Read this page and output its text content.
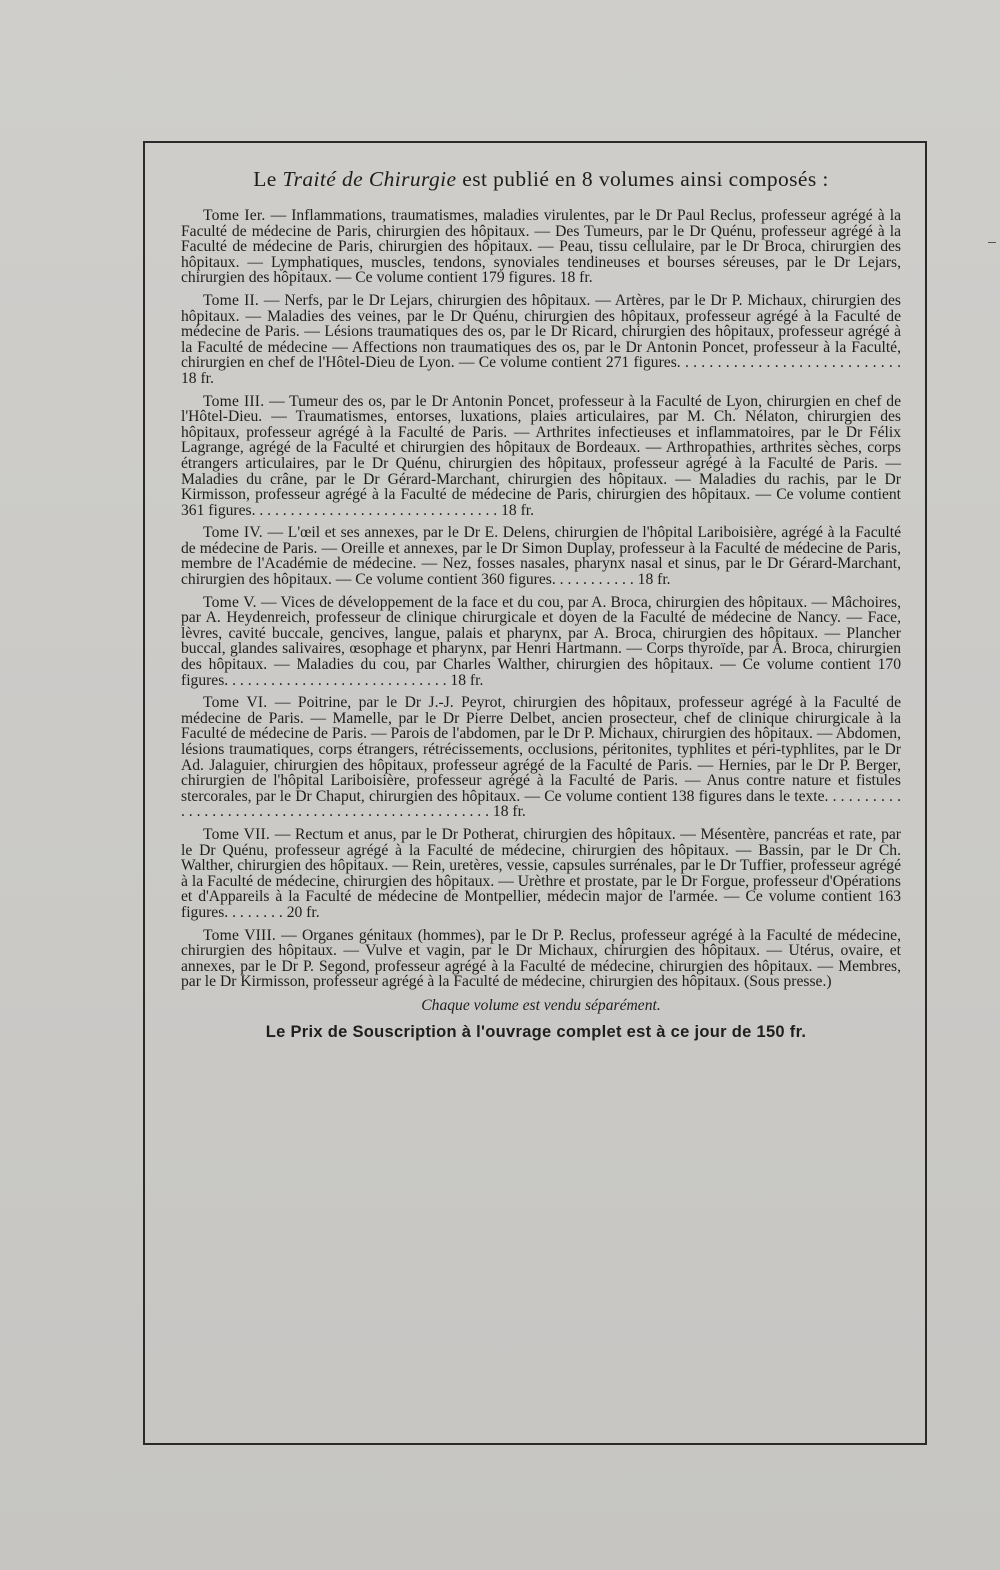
Le Traité de Chirurgie est publié en 8 volumes ainsi composés :

Tome Ier. — Inflammations, traumatismes, maladies virulentes, par le Dr Paul Reclus, professeur agrégé à la Faculté de médecine de Paris, chirurgien des hôpitaux. — Des Tumeurs, par le Dr Quénu, professeur agrégé à la Faculté de médecine de Paris, chirurgien des hôpitaux. — Peau, tissu cellulaire, par le Dr Broca, chirurgien des hôpitaux. — Lymphatiques, muscles, tendons, synoviales tendineuses et bourses séreuses, par le Dr Lejars, chirurgien des hôpitaux. — Ce volume contient 179 figures. 18 fr.

Tome II. — Nerfs, par le Dr Lejars, chirurgien des hôpitaux. — Artères, par le Dr P. Michaux, chirurgien des hôpitaux. — Maladies des veines, par le Dr Quénu, chirurgien des hôpitaux, professeur agrégé à la Faculté de médecine de Paris. — Lésions traumatiques des os, par le Dr Ricard, chirurgien des hôpitaux, professeur agrégé à la Faculté de médecine — Affections non traumatiques des os, par le Dr Antonin Poncet, professeur à la Faculté, chirurgien en chef de l'Hôtel-Dieu de Lyon. — Ce volume contient 271 figures. . . . . . . . . . . . . . . . . . . . . . . . . . . . 18 fr.

Tome III. — Tumeur des os, par le Dr Antonin Poncet, professeur à la Faculté de Lyon, chirurgien en chef de l'Hôtel-Dieu. — Traumatismes, entorses, luxations, plaies articulaires, par M. Ch. Nélaton, chirurgien des hôpitaux, professeur agrégé à la Faculté de Paris. — Arthrites infectieuses et inflammatoires, par le Dr Félix Lagrange, agrégé de la Faculté et chirurgien des hôpitaux de Bordeaux. — Arthropathies, arthrites sèches, corps étrangers articulaires, par le Dr Quénu, chirurgien des hôpitaux, professeur agrégé à la Faculté de Paris. — Maladies du crâne, par le Dr Gérard-Marchant, chirurgien des hôpitaux. — Maladies du rachis, par le Dr Kirmisson, professeur agrégé à la Faculté de médecine de Paris, chirurgien des hôpitaux. — Ce volume contient 361 figures. . . . . . . . . . . . . . . . . . . . . . . . . . . . . . . . 18 fr.

Tome IV. — L'œil et ses annexes, par le Dr E. Delens, chirurgien de l'hôpital Lariboisière, agrégé à la Faculté de médecine de Paris. — Oreille et annexes, par le Dr Simon Duplay, professeur à la Faculté de médecine de Paris, membre de l'Académie de médecine. — Nez, fosses nasales, pharynx nasal et sinus, par le Dr Gérard-Marchant, chirurgien des hôpitaux. — Ce volume contient 360 figures. . . . . . . . . . . 18 fr.

Tome V. — Vices de développement de la face et du cou, par A. Broca, chirurgien des hôpitaux. — Mâchoires, par A. Heydenreich, professeur de clinique chirurgicale et doyen de la Faculté de médecine de Nancy. — Face, lèvres, cavité buccale, gencives, langue, palais et pharynx, par A. Broca, chirurgien des hôpitaux. — Plancher buccal, glandes salivaires, œsophage et pharynx, par Henri Hartmann. — Corps thyroïde, par A. Broca, chirurgien des hôpitaux. — Maladies du cou, par Charles Walther, chirurgien des hôpitaux. — Ce volume contient 170 figures. . . . . . . . . . . . . . . . . . . . . . . . . . . . . 18 fr.

Tome VI. — Poitrine, par le Dr J.-J. Peyrot, chirurgien des hôpitaux, professeur agrégé à la Faculté de médecine de Paris. — Mamelle, par le Dr Pierre Delbet, ancien prosecteur, chef de clinique chirurgicale à la Faculté de médecine de Paris. — Parois de l'abdomen, par le Dr P. Michaux, chirurgien des hôpitaux. — Abdomen, lésions traumatiques, corps étrangers, rétrécissements, occlusions, péritonites, typhlites et péri-typhlites, par le Dr Ad. Jalaguier, chirurgien des hôpitaux, professeur agrégé de la Faculté de Paris. — Hernies, par le Dr P. Berger, chirurgien de l'hôpital Lariboisière, professeur agrégé à la Faculté de Paris. — Anus contre nature et fistules stercorales, par le Dr Chaput, chirurgien des hôpitaux. — Ce volume contient 138 figures dans le texte. . . . . . . . . . . . . . . . . . . . . . . . . . . . . . . . . . . . . . . . . . . . . . . . . . 18 fr.

Tome VII. — Rectum et anus, par le Dr Potherat, chirurgien des hôpitaux. — Mésentère, pancréas et rate, par le Dr Quénu, professeur agrégé à la Faculté de médecine, chirurgien des hôpitaux. — Bassin, par le Dr Ch. Walther, chirurgien des hôpitaux. — Rein, uretères, vessie, capsules surrénales, par le Dr Tuffier, professeur agrégé à la Faculté de médecine, chirurgien des hôpitaux. — Urèthre et prostate, par le Dr Forgue, professeur d'Opérations et d'Appareils à la Faculté de médecine de Montpellier, médecin major de l'armée. — Ce volume contient 163 figures. . . . . . . . 20 fr.

Tome VIII. — Organes génitaux (hommes), par le Dr P. Reclus, professeur agrégé à la Faculté de médecine, chirurgien des hôpitaux. — Vulve et vagin, par le Dr Michaux, chirurgien des hôpitaux. — Utérus, ovaire, et annexes, par le Dr P. Segond, professeur agrégé à la Faculté de médecine, chirurgien des hôpitaux. — Membres, par le Dr Kirmisson, professeur agrégé à la Faculté de médecine, chirurgien des hôpitaux. (Sous presse.)

Chaque volume est vendu séparément.
Le Prix de Souscription à l'ouvrage complet est à ce jour de 150 fr.
